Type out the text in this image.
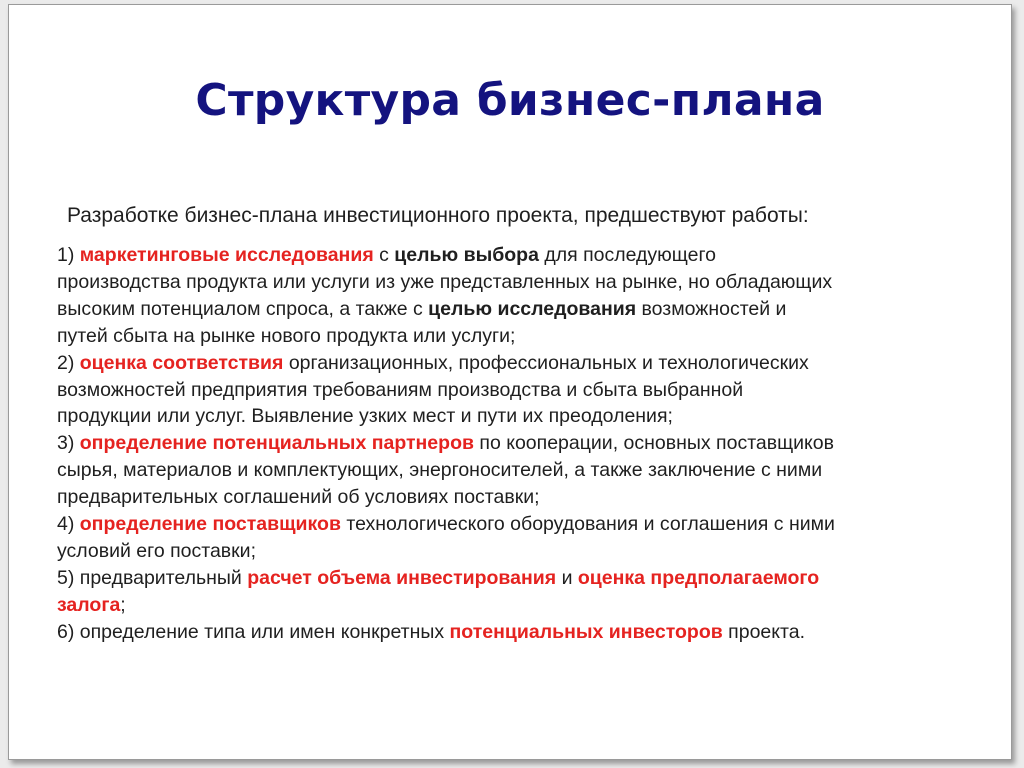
Структура бизнес-плана
Разработке бизнес-плана инвестиционного проекта, предшествуют работы:
1) маркетинговые исследования с целью выбора для последующего
производства продукта или услуги из уже представленных на рынке, но обладающих
высоким потенциалом спроса, а также с целью исследования возможностей и
путей сбыта на рынке нового продукта или услуги;
2) оценка соответствия организационных, профессиональных и технологических
возможностей предприятия требованиям производства и сбыта выбранной
продукции или услуг. Выявление узких мест и пути их преодоления;
3) определение потенциальных партнеров по кооперации, основных поставщиков
сырья, материалов и комплектующих, энергоносителей, а также заключение с ними
предварительных соглашений об условиях поставки;
4) определение поставщиков технологического оборудования и соглашения с ними
условий его поставки;
5) предварительный расчет объема инвестирования и оценка предполагаемого
залога;
6) определение типа или имен конкретных потенциальных инвесторов проекта.
